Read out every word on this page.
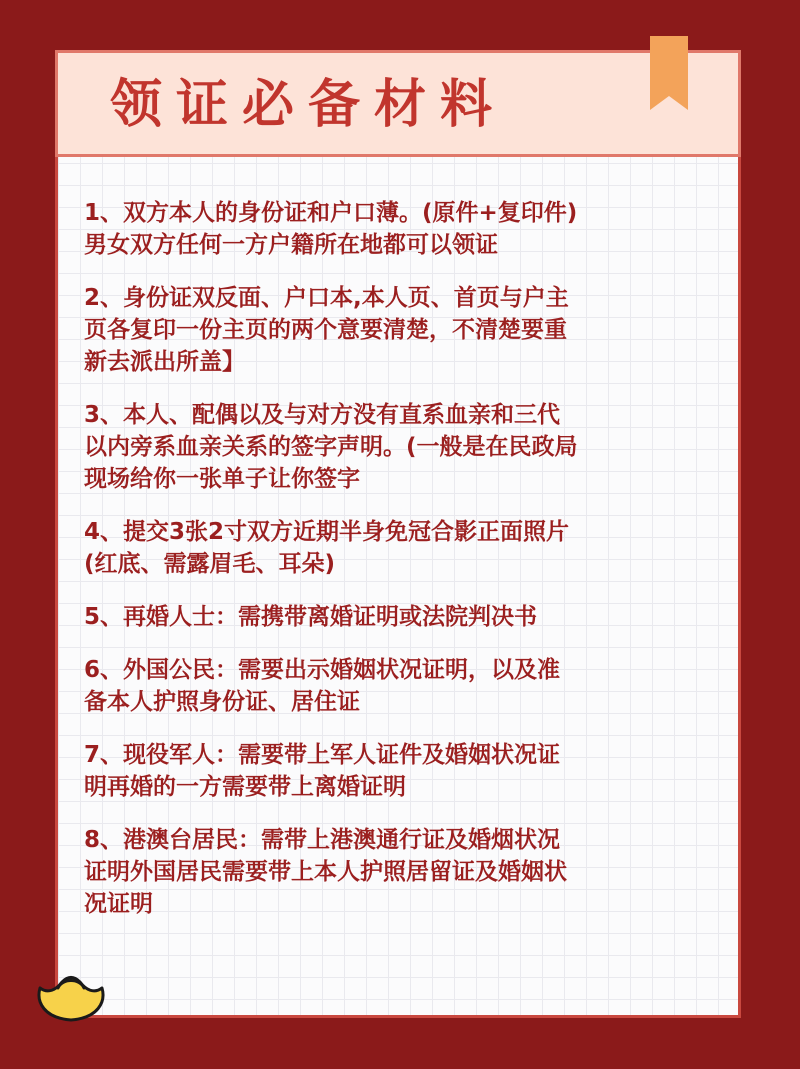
领证必备材料
1、双方本人的身份证和户口薄。(原件+复印件)
男女双方任何一方户籍所在地都可以领证
2、身份证双反面、户口本,本人页、首页与户主
页各复印一份主页的两个意要清楚，不清楚要重
新去派出所盖】
3、本人、配偶以及与对方没有直系血亲和三代
以内旁系血亲关系的签字声明。(一般是在民政局
现场给你一张单子让你签字
4、提交3张2寸双方近期半身免冠合影正面照片
(红底、需露眉毛、耳朵)
5、再婚人士：需携带离婚证明或法院判决书
6、外国公民：需要出示婚姻状况证明，以及准
备本人护照身份证、居住证
7、现役军人：需要带上军人证件及婚姻状况证
明再婚的一方需要带上离婚证明
8、港澳台居民：需带上港澳通行证及婚烟状况
证明外国居民需要带上本人护照居留证及婚姻状
况证明
